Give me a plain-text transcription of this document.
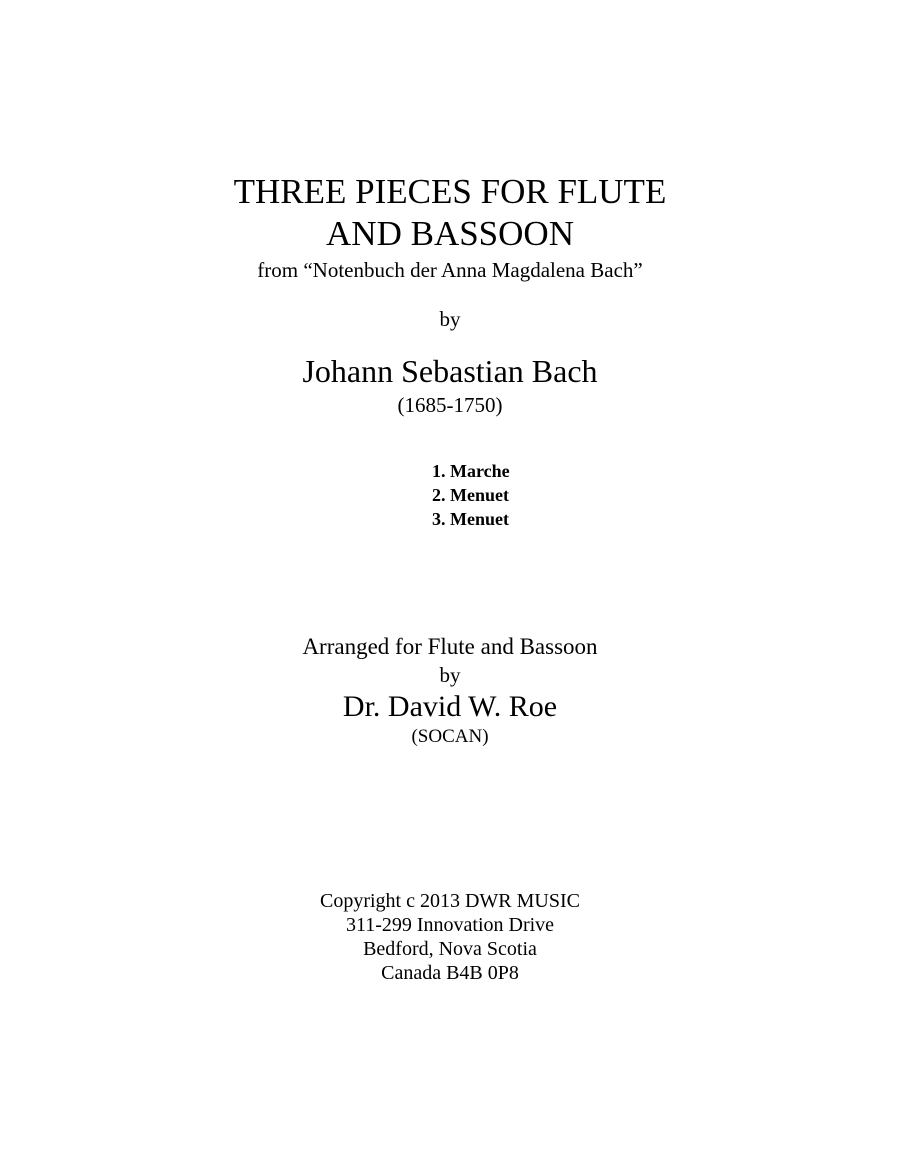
THREE PIECES FOR FLUTE
AND BASSOON
from “Notenbuch der Anna Magdalena Bach”
by
Johann Sebastian Bach
(1685-1750)
1. Marche
2. Menuet
3. Menuet
Arranged for Flute and Bassoon
by
Dr. David W. Roe
(SOCAN)
Copyright c 2013 DWR MUSIC
311-299 Innovation Drive
Bedford, Nova Scotia
Canada B4B 0P8
